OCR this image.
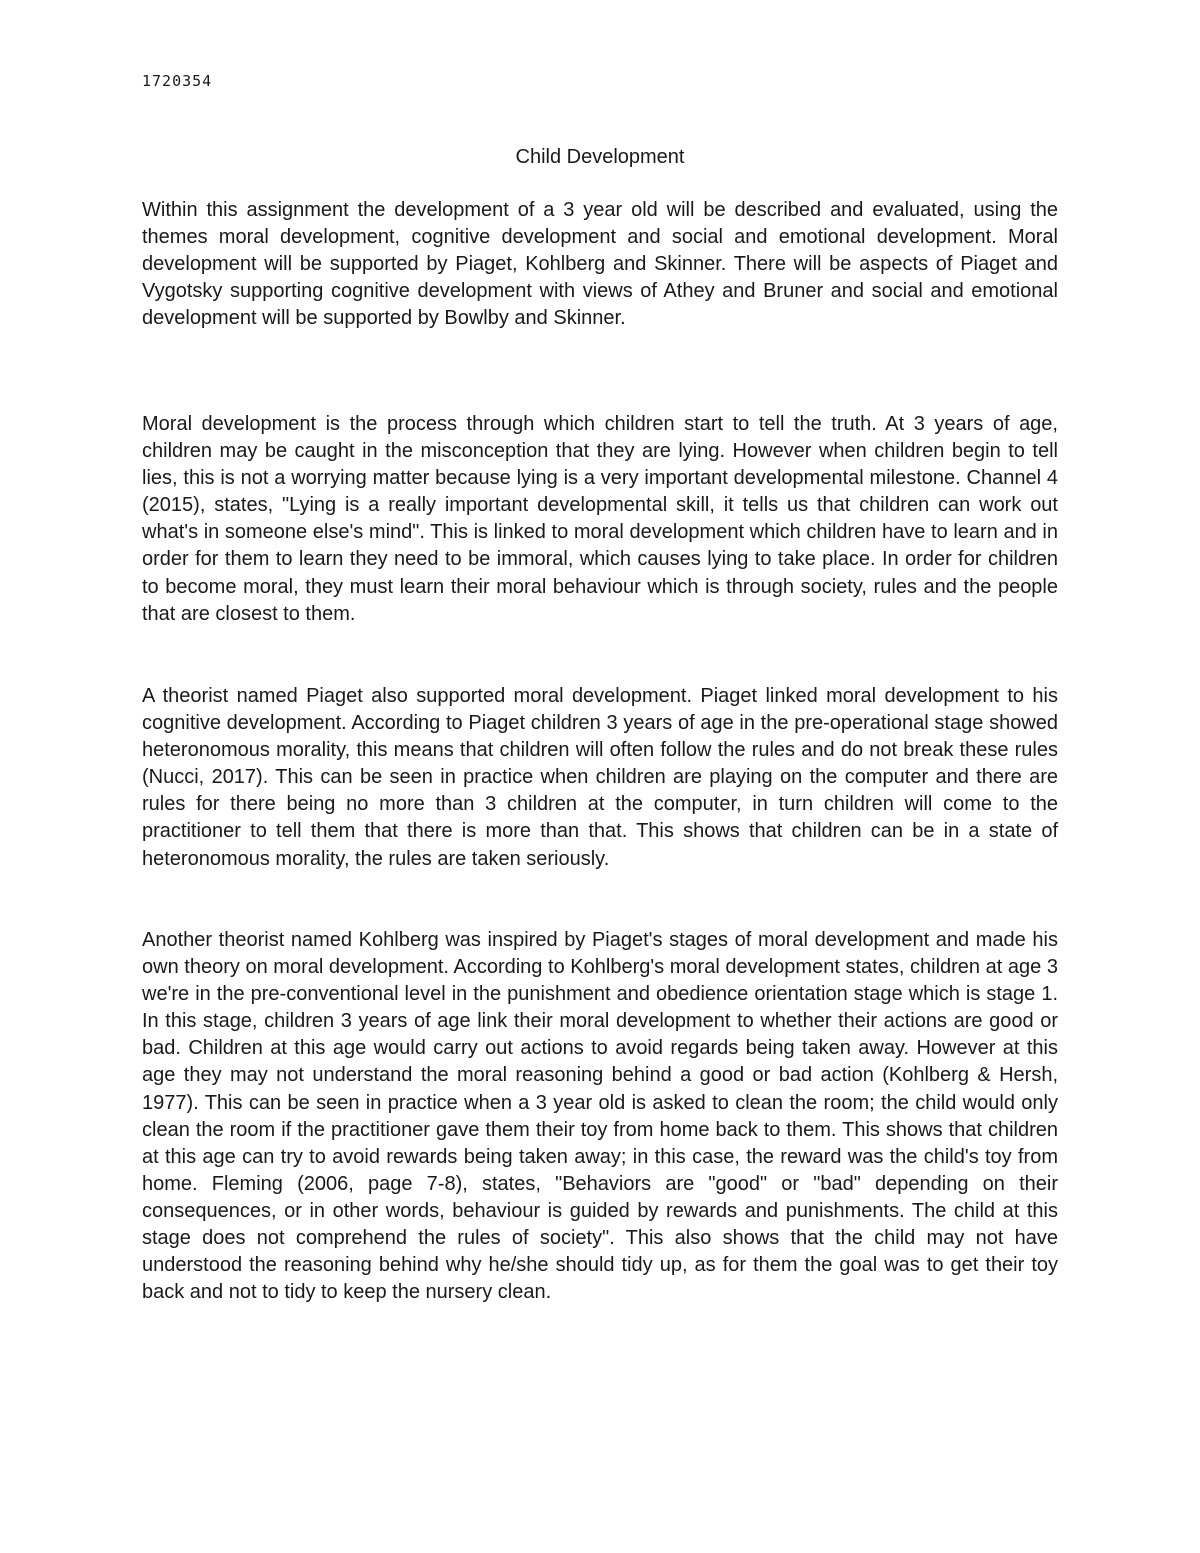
1720354
Child Development

Within this assignment the development of a 3 year old will be described and evaluated, using the themes moral development, cognitive development and social and emotional development. Moral development will be supported by Piaget, Kohlberg and Skinner. There will be aspects of Piaget and Vygotsky supporting cognitive development with views of Athey and Bruner and social and emotional development will be supported by Bowlby and Skinner.

Moral development is the process through which children start to tell the truth. At 3 years of age, children may be caught in the misconception that they are lying. However when children begin to tell lies, this is not a worrying matter because lying is a very important developmental milestone. Channel 4 (2015), states, "Lying is a really important developmental skill, it tells us that children can work out what's in someone else's mind". This is linked to moral development which children have to learn and in order for them to learn they need to be immoral, which causes lying to take place. In order for children to become moral, they must learn their moral behaviour which is through society, rules and the people that are closest to them.

A theorist named Piaget also supported moral development. Piaget linked moral development to his cognitive development. According to Piaget children 3 years of age in the pre-operational stage showed heteronomous morality, this means that children will often follow the rules and do not break these rules (Nucci, 2017). This can be seen in practice when children are playing on the computer and there are rules for there being no more than 3 children at the computer, in turn children will come to the practitioner to tell them that there is more than that. This shows that children can be in a state of heteronomous morality, the rules are taken seriously.

Another theorist named Kohlberg was inspired by Piaget's stages of moral development and made his own theory on moral development. According to Kohlberg's moral development states, children at age 3 we're in the pre-conventional level in the punishment and obedience orientation stage which is stage 1. In this stage, children 3 years of age link their moral development to whether their actions are good or bad. Children at this age would carry out actions to avoid regards being taken away. However at this age they may not understand the moral reasoning behind a good or bad action (Kohlberg & Hersh, 1977). This can be seen in practice when a 3 year old is asked to clean the room; the child would only clean the room if the practitioner gave them their toy from home back to them. This shows that children at this age can try to avoid rewards being taken away; in this case, the reward was the child's toy from home. Fleming (2006, page 7-8), states, "Behaviors are "good" or "bad" depending on their consequences, or in other words, behaviour is guided by rewards and punishments. The child at this stage does not comprehend the rules of society". This also shows that the child may not have understood the reasoning behind why he/she should tidy up, as for them the goal was to get their toy back and not to tidy to keep the nursery clean.
